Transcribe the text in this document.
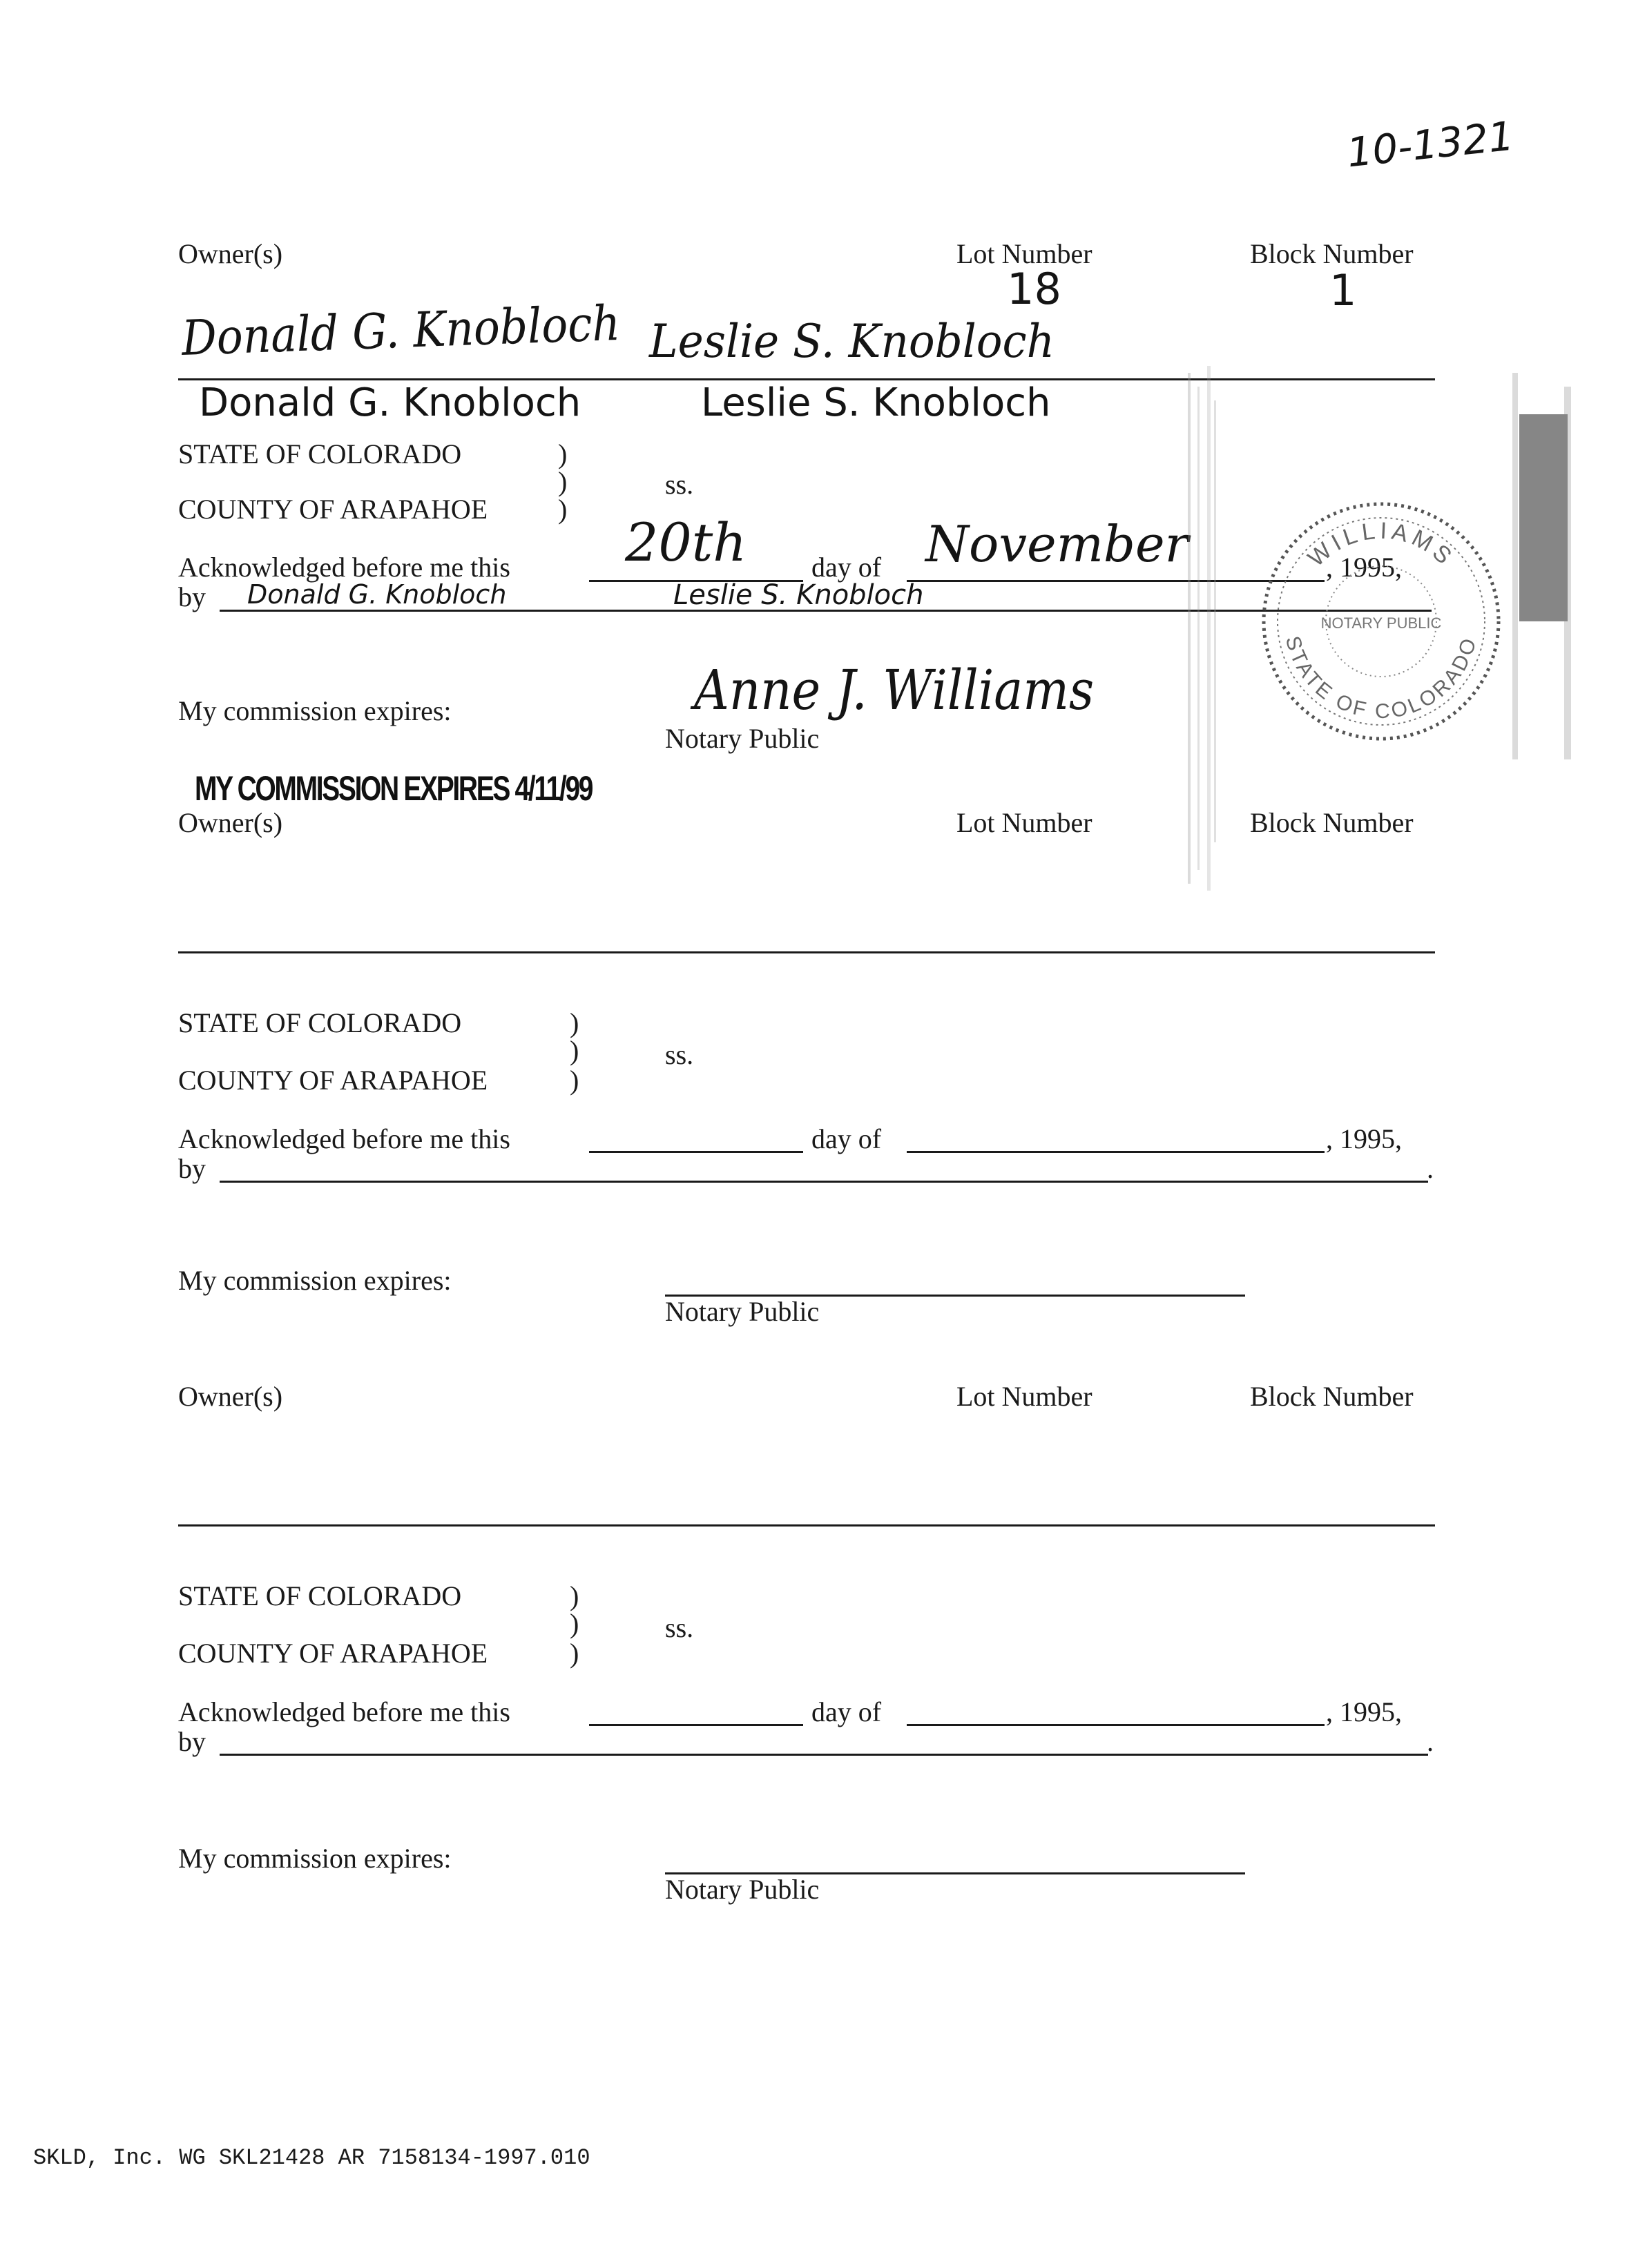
10-1321
Owner(s)	Lot Number	Block Number
18	1
Donald G. Knobloch Leslie S. Knobloch
Donald G. Knobloch	Leslie S. Knobloch
STATE OF COLORADO	)
)	ss.
COUNTY OF ARAPAHOE	)
Acknowledged before me this 20th day of November	, 1995,
by Donald G. Knobloch	Leslie S. Knobloch
My commission expires:	Anne J. Williams
Notary Public
MY COMMISSION EXPIRES 4/11/99
WILLIAMS
STATE OF COLORADO
NOTARY PUBLIC
Owner(s)	Lot Number	Block Number
STATE OF COLORADO	)
)	ss.
COUNTY OF ARAPAHOE	)
Acknowledged before me this	day of	, 1995,
by	.
My commission expires:
Notary Public
Owner(s)	Lot Number	Block Number
STATE OF COLORADO	)
)	ss.
COUNTY OF ARAPAHOE	)
Acknowledged before me this	day of	, 1995,
by	.
My commission expires:
Notary Public
SKLD, Inc. WG SKL21428 AR 7158134-1997.010
